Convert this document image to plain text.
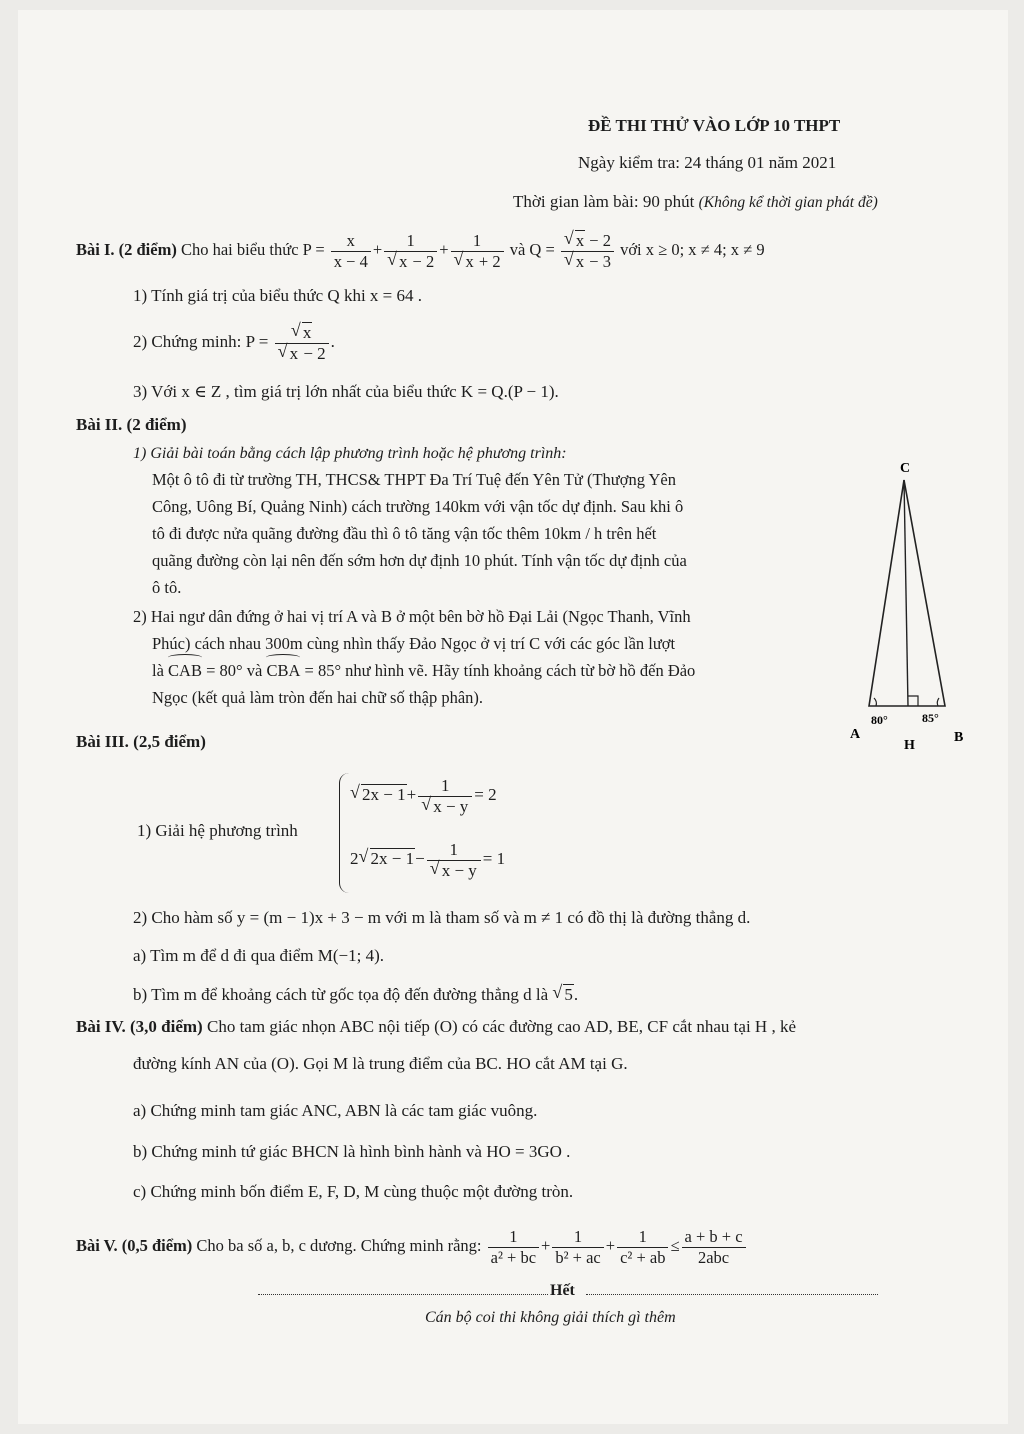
ĐỀ THI THỬ VÀO LỚP 10 THPT
Ngày kiểm tra: 24 tháng 01 năm 2021
Thời gian làm bài: 90 phút (Không kể thời gian phát đề)
Bài I. (2 điểm) Cho hai biểu thức $P = \frac{x}{x - 4} + 1$
√ x − 2 + 1
√ x + 2 và Q = √ x − 2
√ x − 3 với x ≥ 0; x ≠ 4; x ≠ 9
1) Tính giá trị của biểu thức Q khi x = 64 .
2) Chứng minh: P = √ x
√ x − 2 .
3) Với x ∈ Z , tìm giá trị lớn nhất của biểu thức K = Q.(P − 1).
Bài II. (2 điểm)
1) Giải bài toán bằng cách lập phương trình hoặc hệ phương trình:
Một ô tô đi từ trường TH, THCS& THPT Đa Trí Tuệ đến Yên Tử (Thượng Yên
Công, Uông Bí, Quảng Ninh) cách trường 140km với vận tốc dự định. Sau khi ô
tô đi được nửa quãng đường đầu thì ô tô tăng vận tốc thêm 10km / h trên hết
quãng đường còn lại nên đến sớm hơn dự định 10 phút. Tính vận tốc dự định của
ô tô.
2) Hai ngư dân đứng ở hai vị trí A và B ở một bên bờ hồ Đại Lải (Ngọc Thanh, Vĩnh
Phúc) cách nhau 300m cùng nhìn thấy Đảo Ngọc ở vị trí C với các góc lần lượt
là CAB = 80° và CBA = 85° như hình vẽ. Hãy tính khoảng cách từ bờ hồ đến Đảo
Ngọc (kết quả làm tròn đến hai chữ số thập phân).
C
A	B
H
80°	85°
Bài III. (2,5 điểm)
1) Giải hệ phương trình
√ 2x − 1+ 1
√ x − y = 2
2 √ 2x − 1− 1
√ x − y = 1
2) Cho hàm số y = (m − 1)x + 3 − m với m là tham số và m ≠ 1 có đồ thị là đường thẳng d.
a) Tìm m để d đi qua điểm M(−1; 4).
b) Tìm m để khoảng cách từ gốc tọa độ đến đường thẳng d là √ 5.
Bài IV. (3,0 điểm) Cho tam giác nhọn ABC nội tiếp (O) có các đường cao AD, BE, CF cắt nhau tại H , kẻ
đường kính AN của (O). Gọi M là trung điểm của BC. HO cắt AM tại G.
a) Chứng minh tam giác ANC, ABN là các tam giác vuông.
b) Chứng minh tứ giác BHCN là hình bình hành và HO = 3GO .
c) Chứng minh bốn điểm E, F, D, M cùng thuộc một đường tròn.
Bài V. (0,5 điểm) Cho ba số a, b, c dương. Chứng minh rằng: $\frac{1}{\text{a² + bc}} + \frac{1}{\text{b² + ac}} + \frac{1}{\text{c² + ab}} \le \frac{a + b + c}{\text{2abc}}$
Hết
Cán bộ coi thi không giải thích gì thêm
